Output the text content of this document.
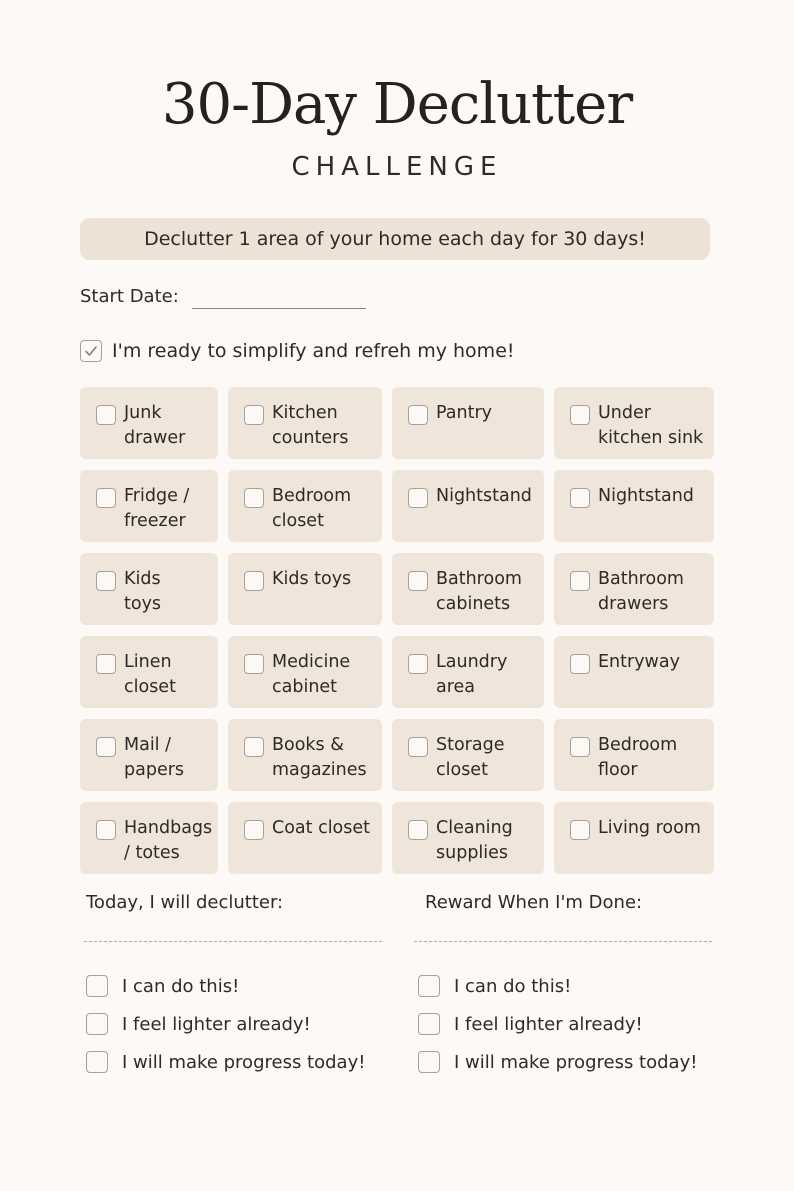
30-Day Declutter
CHALLENGE
Declutter 1 area of your home each day for 30 days!
Start Date:
I'm ready to simplify and refreh my home!
Junk
drawer
Kitchen
counters
Pantry	Under
kitchen sink
Fridge /
freezer
Bedroom
closet
Nightstand	Nightstand
Kids
toys
Kids toys	Bathroom
cabinets
Bathroom
drawers
Linen
closet
Medicine
cabinet
Laundry
area
Entryway
Mail /
papers
Books &
magazines
Storage
closet
Bedroom
floor
Handbags
/ totes
Coat closet	Cleaning
supplies
Living room
Today, I will declutter:	Reward When I'm Done:
I can do this!
I feel lighter already!
I will make progress today!
I can do this!
I feel lighter already!
I will make progress today!
